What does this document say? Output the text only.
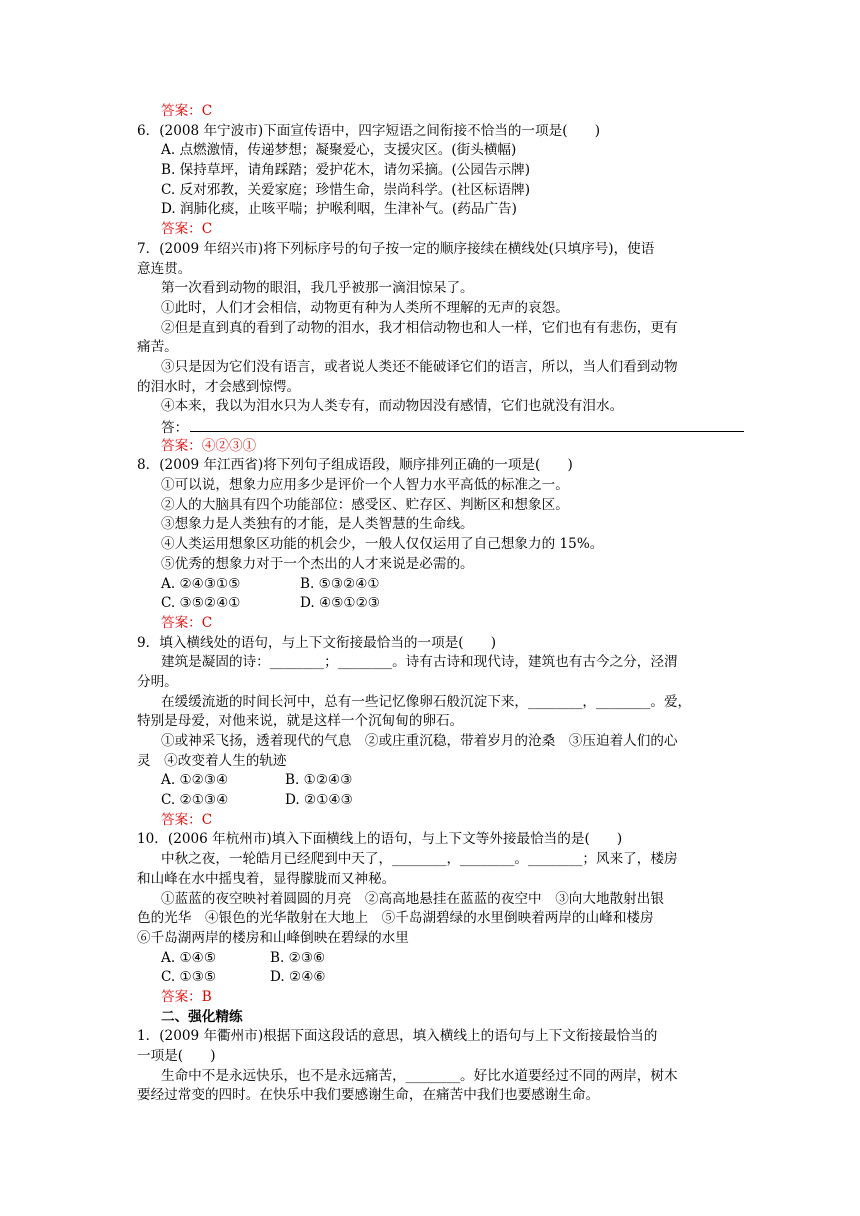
答案：C
6．(2008 年宁波市)下面宣传语中，四字短语之间衔接不恰当的一项是(　　)
A. 点燃激情，传递梦想；凝聚爱心，支援灾区。(街头横幅)
B. 保持草坪，请角踩踏；爱护花木，请勿采摘。(公园告示牌)
C. 反对邪教，关爱家庭；珍惜生命，崇尚科学。(社区标语牌)
D. 润肺化痰，止咳平喘；护喉利咽，生津补气。(药品广告)
答案：C
7．(2009 年绍兴市)将下列标序号的句子按一定的顺序接续在横线处(只填序号)，使语
意连贯。
第一次看到动物的眼泪，我几乎被那一滴泪惊呆了。
①此时，人们才会相信，动物更有种为人类所不理解的无声的哀怨。
②但是直到真的看到了动物的泪水，我才相信动物也和人一样，它们也有有悲伤，更有
痛苦。
③只是因为它们没有语言，或者说人类还不能破译它们的语言，所以，当人们看到动物
的泪水时，才会感到惊愕。
④本来，我以为泪水只为人类专有，而动物因没有感情，它们也就没有泪水。
答：
答案：④②③①
8．(2009 年江西省)将下列句子组成语段，顺序排列正确的一项是(　　)
①可以说，想象力应用多少是评价一个人智力水平高低的标准之一。
②人的大脑具有四个功能部位：感受区、贮存区、判断区和想象区。
③想象力是人类独有的才能，是人类智慧的生命线。
④人类运用想象区功能的机会少，一般人仅仅运用了自己想象力的 15%。
⑤优秀的想象力对于一个杰出的人才来说是必需的。
A. ②④③①⑤	B. ⑤③②④①
C. ③⑤②④①	D. ④⑤①②③
答案：C
9．填入横线处的语句，与上下文衔接最恰当的一项是(　　)
建筑是凝固的诗：________；________。诗有古诗和现代诗，建筑也有古今之分，泾渭
分明。
在缓缓流逝的时间长河中，总有一些记忆像卵石般沉淀下来，________，________。爱，
特别是母爱，对他来说，就是这样一个沉甸甸的卵石。
①或神采飞扬，透着现代的气息　②或庄重沉稳，带着岁月的沧桑　③压迫着人们的心
灵　④改变着人生的轨迹
A. ①②③④	B. ①②④③
C. ②①③④	D. ②①④③
答案：C
10．(2006 年杭州市)填入下面横线上的语句，与上下文等外接最恰当的是(　　)
中秋之夜，一轮皓月已经爬到中天了，________，________。________；风来了，楼房
和山峰在水中摇曳着，显得朦胧而又神秘。
①蓝蓝的夜空映衬着圆圆的月亮　②高高地悬挂在蓝蓝的夜空中　③向大地散射出银
色的光华　④银色的光华散射在大地上　⑤千岛湖碧绿的水里倒映着两岸的山峰和楼房
⑥千岛湖两岸的楼房和山峰倒映在碧绿的水里
A. ①④⑤	B. ②③⑥
C. ①③⑤	D. ②④⑥
答案：B
二、强化精练
1．(2009 年衢州市)根据下面这段话的意思，填入横线上的语句与上下文衔接最恰当的
一项是(　　)
生命中不是永远快乐，也不是永远痛苦，________。好比水道要经过不同的两岸，树木
要经过常变的四时。在快乐中我们要感谢生命，在痛苦中我们也要感谢生命。
